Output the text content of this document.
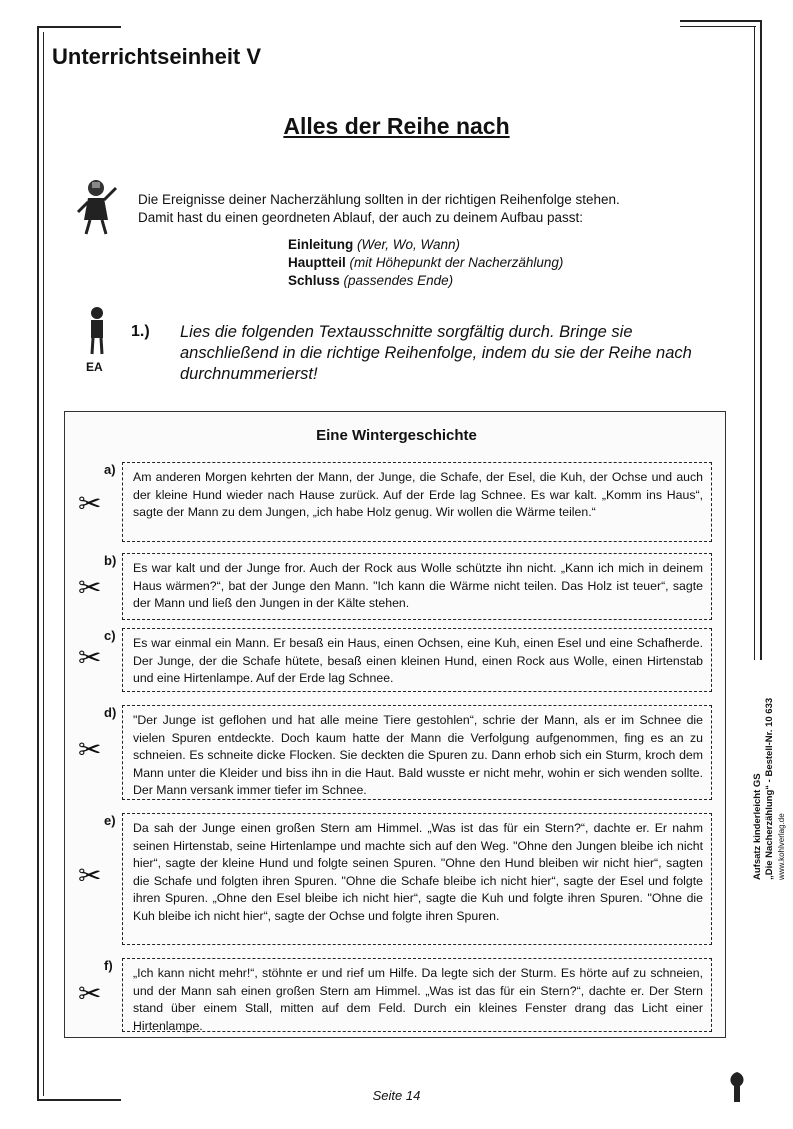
Unterrichtseinheit V
Alles der Reihe nach
Die Ereignisse deiner Nacherzählung sollten in der richtigen Reihenfolge stehen.
Damit hast du einen geordneten Ablauf, der auch zu deinem Aufbau passt:
Einleitung (Wer, Wo, Wann)
Hauptteil (mit Höhepunkt der Nacherzählung)
Schluss (passendes Ende)
EA
1.) Lies die folgenden Textausschnitte sorgfältig durch. Bringe sie anschließend in die richtige Reihenfolge, indem du sie der Reihe nach durchnummerierst!
Eine Wintergeschichte
a)
✂
Am anderen Morgen kehrten der Mann, der Junge, die Schafe, der Esel, die Kuh, der Ochse und auch der kleine Hund wieder nach Hause zurück. Auf der Erde lag Schnee. Es war kalt. „Komm ins Haus“, sagte der Mann zu dem Jungen, „ich habe Holz genug. Wir wollen die Wärme teilen.“
b)
✂
Es war kalt und der Junge fror. Auch der Rock aus Wolle schützte ihn nicht. „Kann ich mich in deinem Haus wärmen?“, bat der Junge den Mann. "Ich kann die Wärme nicht teilen. Das Holz ist teuer“, sagte der Mann und ließ den Jungen in der Kälte stehen.
c)
✂	Es war einmal ein Mann. Er besaß ein Haus, einen Ochsen, eine Kuh, einen Esel und eine Schafherde. Der Junge, der die Schafe hütete, besaß einen kleinen Hund, einen Rock aus Wolle, einen Hirtenstab und eine Hirtenlampe. Auf der Erde lag Schnee.
d)
✂
"Der Junge ist geflohen und hat alle meine Tiere gestohlen“, schrie der Mann, als er im Schnee die vielen Spuren entdeckte. Doch kaum hatte der Mann die Verfolgung aufgenommen, fing es an zu schneien. Es schneite dicke Flocken. Sie deckten die Spuren zu. Dann erhob sich ein Sturm, kroch dem Mann unter die Kleider und biss ihn in die Haut. Bald wusste er nicht mehr, wohin er sich wenden sollte. Der Mann versank immer tiefer im Schnee.
e)
✂
Da sah der Junge einen großen Stern am Himmel. „Was ist das für ein Stern?“, dachte er. Er nahm seinen Hirtenstab, seine Hirtenlampe und machte sich auf den Weg. "Ohne den Jungen bleibe ich nicht hier“, sagte der kleine Hund und folgte seinen Spuren. "Ohne den Hund bleiben wir nicht hier“, sagten die Schafe und folgten ihren Spuren. "Ohne die Schafe bleibe ich nicht hier“, sagte der Esel und folgte ihren Spuren. „Ohne den Esel bleibe ich nicht hier“, sagte die Kuh und folgte ihren Spuren. "Ohne die Kuh bleibe ich nicht hier“, sagte der Ochse und folgte ihren Spuren.
f)
✂
„Ich kann nicht mehr!“, stöhnte er und rief um Hilfe. Da legte sich der Sturm. Es hörte auf zu schneien, und der Mann sah einen großen Stern am Himmel. „Was ist das für ein Stern?“, dachte er. Der Stern stand über einem Stall, mitten auf dem Feld. Durch ein kleines Fenster drang das Licht einer Hirtenlampe.
Seite 14
Aufsatz kinderleicht GS „Die Nacherzählung“ - Bestell-Nr. 10 633 www.kohlverlag.de
